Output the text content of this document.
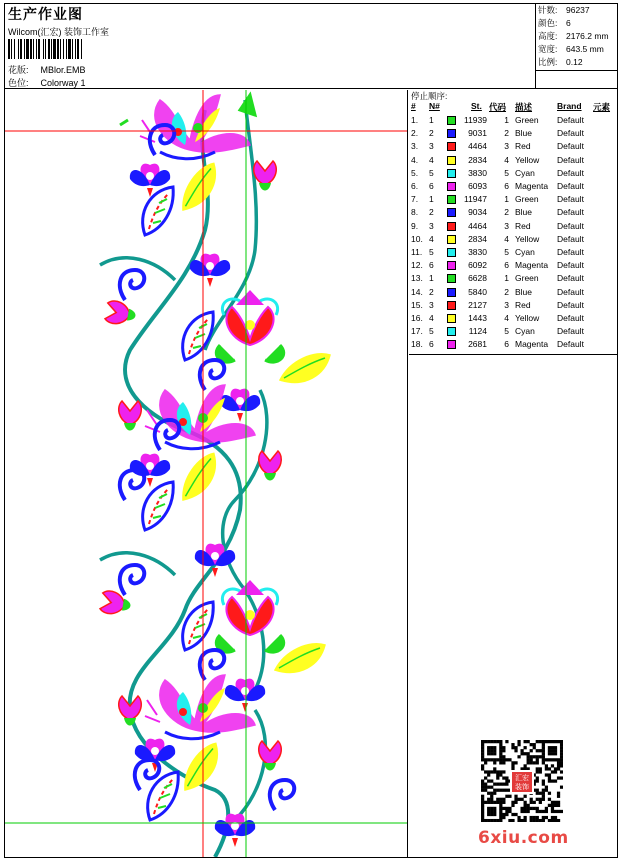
生产作业图
Wilcom(汇宏) 装饰工作室
花版: MBlor.EMB
色位: Colorway 1
针数: 96237
颜色: 6
高度: 2176.2 mm
宽度: 643.5 mm
比例: 0.12
停止顺序:
# N#	St. 代码 描述	Brand 元素
1. 1	11939	1 Green Default
2. 2	9031	2 Blue	Default
3. 3	4464	3 Red	Default
4. 4	2834	4 Yellow Default
5. 5	3830	5 Cyan	Default
6. 6	6093	6 Magenta Default
7. 1	11947	1 Green Default
8. 2	9034	2 Blue	Default
9. 3	4464	3 Red	Default
10. 4	2834	4 Yellow Default
11. 5	3830	5 Cyan	Default
12. 6	6092	6 Magenta Default
13. 1	6628	1 Green Default
14. 2	5840	2 Blue	Default
15. 3	2127	3 Red	Default
16. 4	1443	4 Yellow Default
17. 5	1124	5 Cyan	Default
18. 6	2681	6 Magenta Default
汇宏装饰
6xiu.com
